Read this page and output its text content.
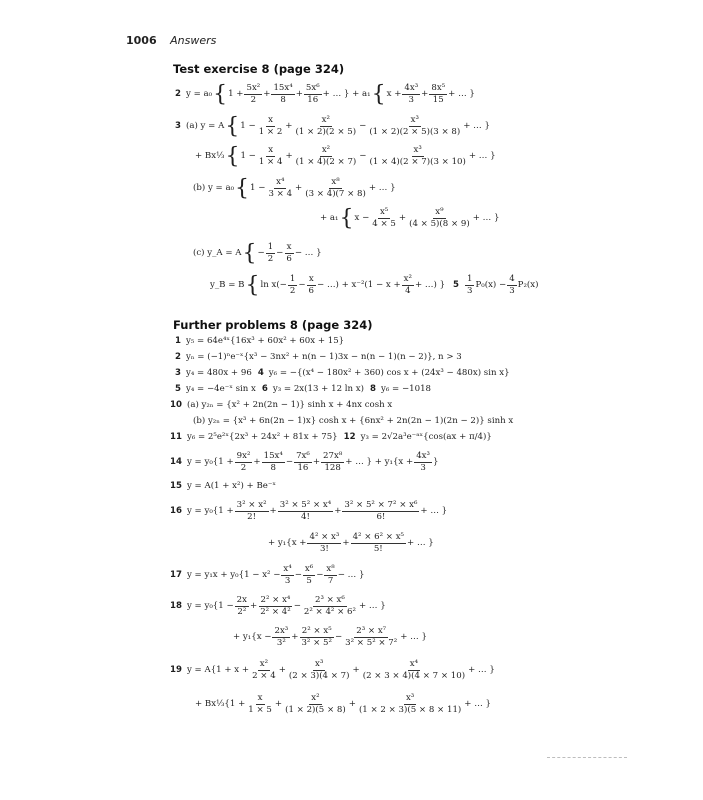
1006 Answers
Test exercise 8 (page 324)
2 y = a₀ { $1 + \frac{\text{5x²}}{2} + \frac{\text{15x⁴}}{8} + \frac{\text{5x⁶}}{16}$ + … } + a₁ { $x + \frac{\text{4x³}}{3} + \frac{\text{8x⁵}}{15}$ + … }
3 (a) y = A { $1 - \frac{x}{1 \times 2} + \frac{\text{x²}}{(1 \times 2)(2 \times 5)} - \frac{\text{x³}}{(1 \times 2)(2 \times 5)(3 \times 8)}$ + … }
+ Bx⅓ { $1 - \frac{x}{1 \times 4} + \frac{\text{x²}}{(1 \times 4)(2 \times 7)} - \frac{\text{x³}}{(1 \times 4)(2 \times 7)(3 \times 10)}$ + … }
(b) y = a₀ { $1 - \frac{\text{x⁴}}{3 \times 4} + \frac{\text{x⁸}}{(3 \times 4)(7 \times 8)}$ + … }
+ a₁ { $x - \frac{\text{x⁵}}{4 \times 5} + \frac{\text{x⁹}}{(4 \times 5)(8 \times 9)}$ + … }
(c) y_A = A { − $\frac{1}{2} - \frac{x}{6}$ − … }
y_B = B { $\ln x(- \frac{1}{2} - \frac{x}{6}$ − …) + $x^{-2}(1 - x + \frac{\text{x²}}{4}$ + …) } $5 \frac{1}{3} P_0(x) - \frac{4}{3} P_2(x)$
Further problems 8 (page 324)
1 y₅ = 64e⁴ˣ{16x³ + 60x² + 60x + 15}
2 yₙ = (−1)ⁿe⁻ˣ{x³ − 3nx² + n(n − 1)3x − n(n − 1)(n − 2)}, n > 3
3 y₄ = 480x + 96 4 y₆ = −{(x⁴ − 180x² + 360) cos x + (24x³ − 480x) sin x}
5 y₄ = −4e⁻ˣ sin x 6 y₃ = 2x(13 + 12 ln x) 8 y₆ = −1018
10 (a) y₂ₙ = {x² + 2n(2n − 1)} sinh x + 4nx cosh x
(b) y₂ₙ = {x³ + 6n(2n − 1)x} cosh x + {6nx² + 2n(2n − 1)(2n − 2)} sinh x
11 y₆ = 2⁵e²ˣ{2x³ + 24x² + 81x + 75} 12 y₃ = 2√2a³e⁻ᵃˣ{cos(ax + π/4)}
14 $y = y_0\{1 + \frac{\text{9x²}}{2} + \frac{\text{15x⁴}}{8} - \frac{\text{7x⁶}}{16} + \frac{\text{27x⁸}}{128}$ + … } + $y_1\{x + \frac{\text{4x³}}{3}$ }
15 y = A(1 + x²) + Be⁻ˣ
16 $y = y_0\{1 + \frac{\text{3² × x²}}{2!} + \frac{\text{3² × 5² × x⁴}}{4!} + \frac{\text{3² × 5² × 7² × x⁶}}{6!}$ + … }
+ $y_1\{x + \frac{\text{4² × x³}}{3!} + \frac{\text{4² × 6² × x⁵}}{5!}$ + … }
17 $y = y_1x + y_0\{1 - x^2 - \frac{\text{x⁴}}{3} - \frac{\text{x⁶}}{5} - \frac{\text{x⁸}}{7}$ − … }
18 $y = y_0\{1 - \frac{2x}{\text{2²}} + \frac{\text{2² × x⁴}}{\text{2² × 4²}} - \frac{\text{2³ × x⁶}}{\text{2² × 4² × 6²}}$ + … }
+ $y_1\{x - \frac{\text{2x³}}{\text{3²}} + \frac{\text{2² × x⁵}}{\text{3² × 5²}} - \frac{\text{2³ × x⁷}}{\text{3² × 5² × 7²}}$ + … }
19 $y = A\{1 + x + \frac{\text{x²}}{2 \times 4} + \frac{\text{x³}}{(2 \times 3)(4 \times 7)} + \frac{\text{x⁴}}{(2 \times 3 \times 4)(4 \times 7 \times 10)}$ + … }
+ Bx⅓{1 + $\frac{x}{1 \times 5} + \frac{\text{x²}}{(1 \times 2)(5 \times 8)} + \frac{\text{x³}}{(1 \times 2 \times 3)(5 \times 8 \times 11)}$ + … }
